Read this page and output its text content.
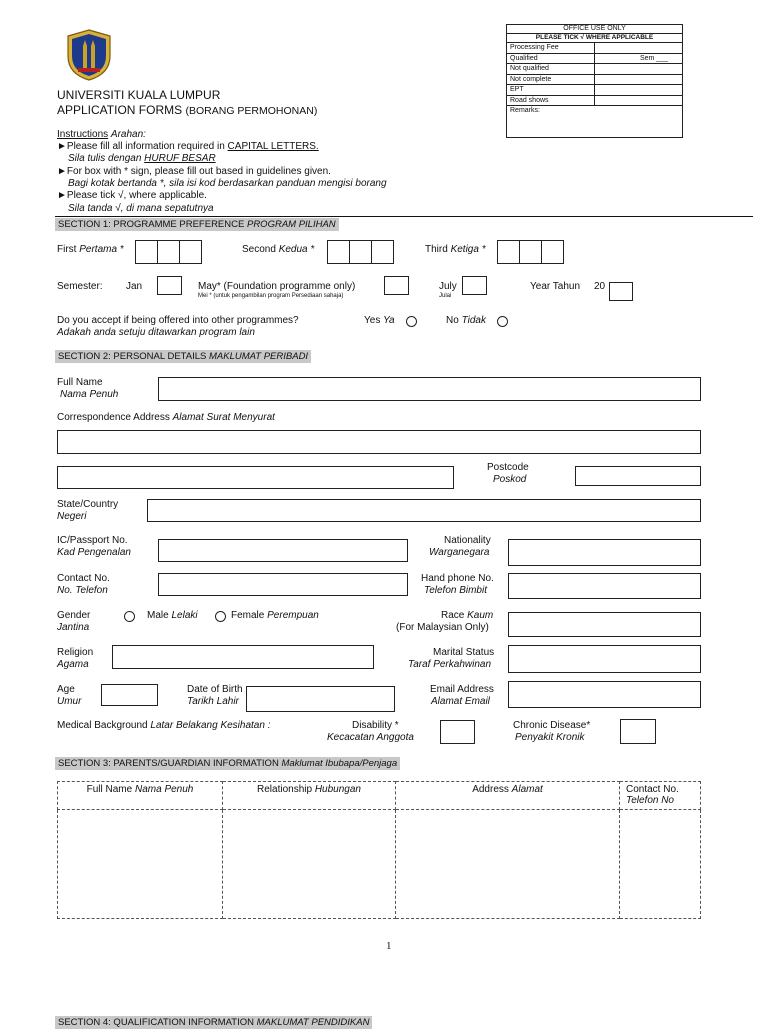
OFFICE USE ONLY
PLEASE TICK √ WHERE APPLICABLE
Processing Fee
Qualified	Sem ___
Not qualified
Not complete
EPT
Road shows
Remarks:
UNIVERSITI KUALA LUMPUR
APPLICATION FORMS (BORANG PERMOHONAN)
Instructions Arahan:
►Please fill all information required in CAPITAL LETTERS.
Sila tulis dengan HURUF BESAR
►For box with * sign, please fill out based in guidelines given.
Bagi kotak bertanda *, sila isi kod berdasarkan panduan mengisi borang
►Please tick √, where applicable.
Sila tanda √, di mana sepatutnya
SECTION 1: PROGRAMME PREFERENCE PROGRAM PILIHAN
First Pertama *	Second Kedua *	Third Ketiga *
Semester: Jan	May* (Foundation programme only)
Mei * (untuk pengambilan program Persediaan sahaja)
July
Julai
Year Tahun 20
Do you accept if being offered into other programmes?
Adakah anda setuju ditawarkan program lain
Yes Ya	No Tidak
SECTION 2: PERSONAL DETAILS MAKLUMAT PERIBADI
Full Name
Nama Penuh
Correspondence Address Alamat Surat Menyurat
Postcode
Poskod
State/Country
Negeri
IC/Passport No.
Kad Pengenalan
Nationality
Warganegara
Contact No.
No. Telefon
Hand phone No.
Telefon Bimbit
Gender
Jantina
Male Lelaki	Female Perempuan	Race Kaum
(For Malaysian Only)
Religion
Agama
Marital Status
Taraf Perkahwinan
Age
Umur
Date of Birth
Tarikh Lahir
Email Address
Alamat Email
Medical Background Latar Belakang Kesihatan :	Disability *
Kecacatan Anggota
Chronic Disease*
Penyakit Kronik
SECTION 3: PARENTS/GUARDIAN INFORMATION Maklumat Ibubapa/Penjaga
Full Name Nama Penuh	Relationship Hubungan	Address Alamat	Contact No.
Telefon No

1
SECTION 4: QUALIFICATION INFORMATION MAKLUMAT PENDIDIKAN
